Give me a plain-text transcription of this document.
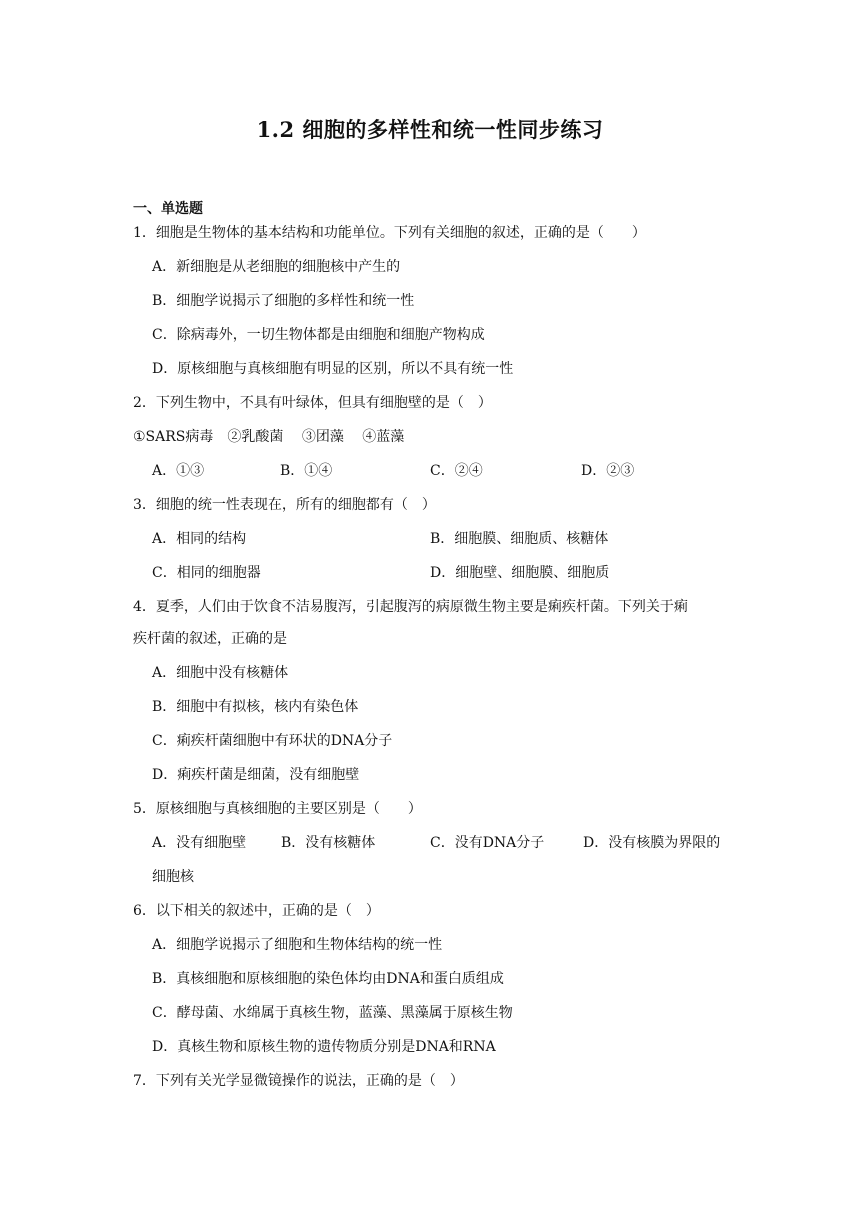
1.2 细胞的多样性和统一性同步练习
一、单选题
1．细胞是生物体的基本结构和功能单位。下列有关细胞的叙述，正确的是（　　）
A．新细胞是从老细胞的细胞核中产生的
B．细胞学说揭示了细胞的多样性和统一性
C．除病毒外，一切生物体都是由细胞和细胞产物构成
D．原核细胞与真核细胞有明显的区别，所以不具有统一性
2．下列生物中，不具有叶绿体，但具有细胞壁的是（　）
①SARS病毒　②乳酸菌　 ③团藻　 ④蓝藻
A．①③	B．①④	C．②④	D．②③
3．细胞的统一性表现在，所有的细胞都有（　）
A．相同的结构	B．细胞膜、细胞质、核糖体
C．相同的细胞器	D．细胞壁、细胞膜、细胞质
4．夏季，人们由于饮食不洁易腹泻，引起腹泻的病原微生物主要是痢疾杆菌。下列关于痢
疾杆菌的叙述，正确的是
A．细胞中没有核糖体
B．细胞中有拟核，核内有染色体
C．痢疾杆菌细胞中有环状的DNA分子
D．痢疾杆菌是细菌，没有细胞壁
5．原核细胞与真核细胞的主要区别是（　　）
A．没有细胞壁 B．没有核糖体	C．没有DNA分子	D．没有核膜为界限的
细胞核
6．以下相关的叙述中，正确的是（　）
A．细胞学说揭示了细胞和生物体结构的统一性
B．真核细胞和原核细胞的染色体均由DNA和蛋白质组成
C．酵母菌、水绵属于真核生物，蓝藻、黑藻属于原核生物
D．真核生物和原核生物的遗传物质分别是DNA和RNA
7．下列有关光学显微镜操作的说法，正确的是（　）
